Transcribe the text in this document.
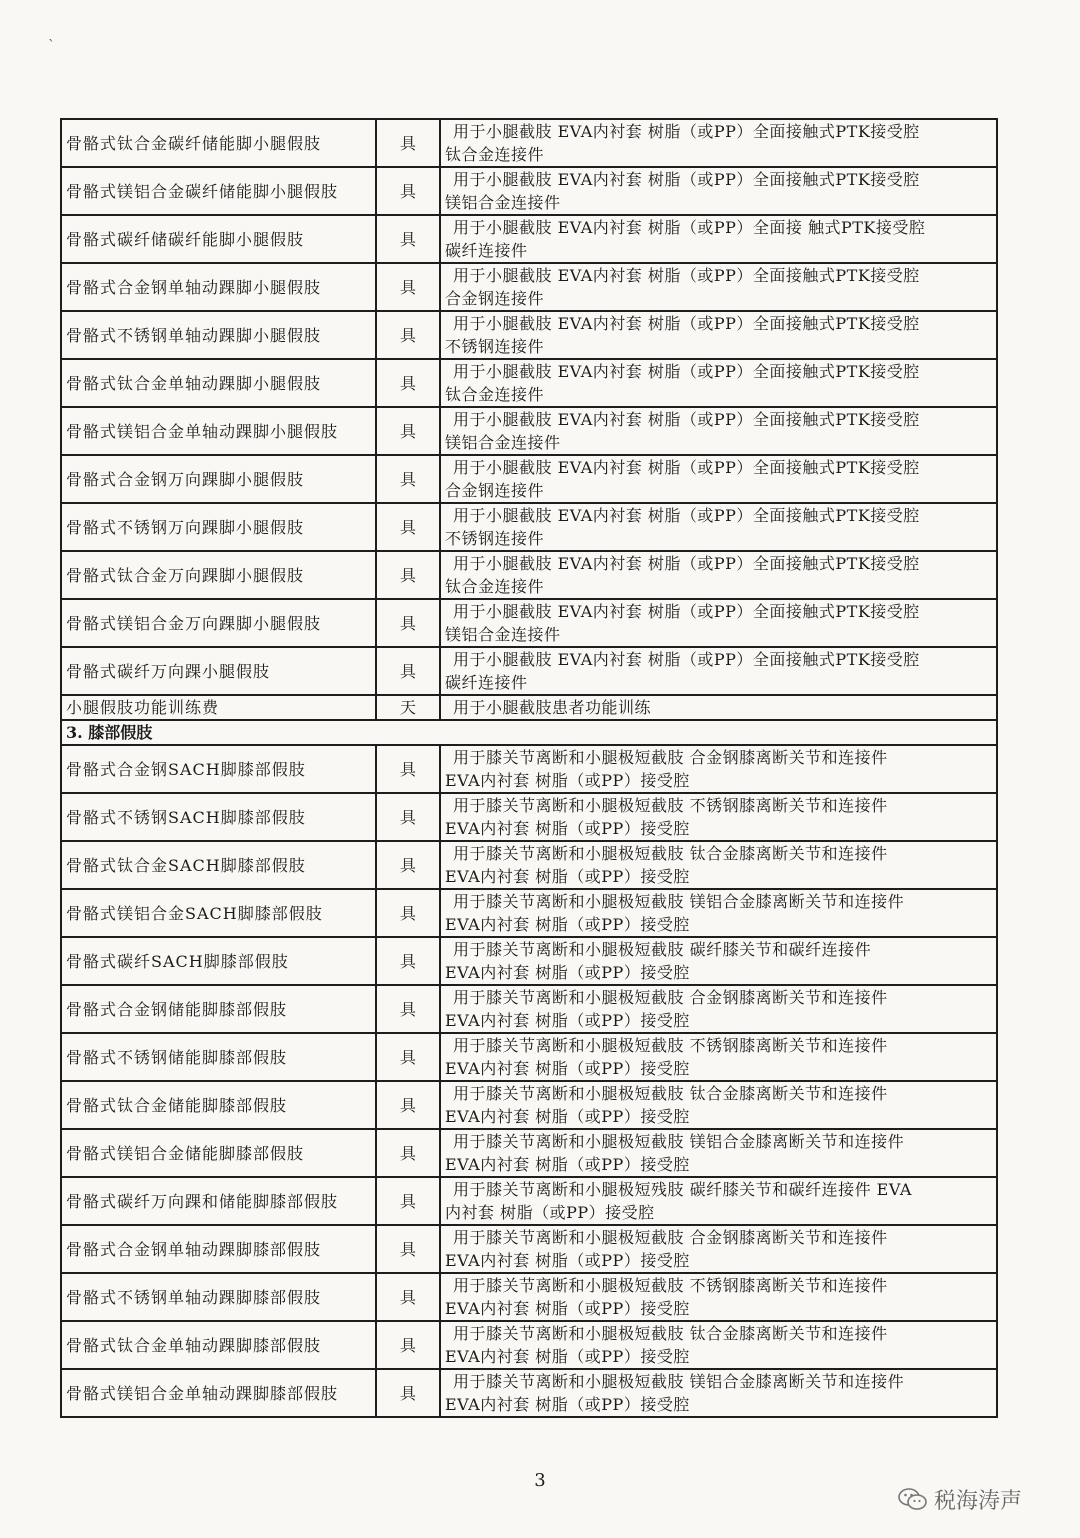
`
骨骼式钛合金碳纤储能脚小腿假肢	具	用于小腿截肢 EVA内衬套 树脂（或PP）全面接触式PTK接受腔
钛合金连接件

骨骼式镁铝合金碳纤储能脚小腿假肢	具	用于小腿截肢 EVA内衬套 树脂（或PP）全面接触式PTK接受腔
镁铝合金连接件

骨骼式碳纤储碳纤能脚小腿假肢	具	用于小腿截肢 EVA内衬套 树脂（或PP）全面接 触式PTK接受腔
碳纤连接件

骨骼式合金钢单轴动踝脚小腿假肢	具	用于小腿截肢 EVA内衬套 树脂（或PP）全面接触式PTK接受腔
合金钢连接件

骨骼式不锈钢单轴动踝脚小腿假肢	具	用于小腿截肢 EVA内衬套 树脂（或PP）全面接触式PTK接受腔
不锈钢连接件

骨骼式钛合金单轴动踝脚小腿假肢	具	用于小腿截肢 EVA内衬套 树脂（或PP）全面接触式PTK接受腔
钛合金连接件

骨骼式镁铝合金单轴动踝脚小腿假肢	具	用于小腿截肢 EVA内衬套 树脂（或PP）全面接触式PTK接受腔
镁铝合金连接件

骨骼式合金钢万向踝脚小腿假肢	具	用于小腿截肢 EVA内衬套 树脂（或PP）全面接触式PTK接受腔
合金钢连接件

骨骼式不锈钢万向踝脚小腿假肢	具	用于小腿截肢 EVA内衬套 树脂（或PP）全面接触式PTK接受腔
不锈钢连接件

骨骼式钛合金万向踝脚小腿假肢	具	用于小腿截肢 EVA内衬套 树脂（或PP）全面接触式PTK接受腔
钛合金连接件

骨骼式镁铝合金万向踝脚小腿假肢	具	用于小腿截肢 EVA内衬套 树脂（或PP）全面接触式PTK接受腔
镁铝合金连接件

骨骼式碳纤万向踝小腿假肢	具	用于小腿截肢 EVA内衬套 树脂（或PP）全面接触式PTK接受腔
碳纤连接件

小腿假肢功能训练费	天	用于小腿截肢患者功能训练

3. 膝部假肢		
骨骼式合金钢SACH脚膝部假肢	具	用于膝关节离断和小腿极短截肢 合金钢膝离断关节和连接件
EVA内衬套 树脂（或PP）接受腔

骨骼式不锈钢SACH脚膝部假肢	具	用于膝关节离断和小腿极短截肢 不锈钢膝离断关节和连接件
EVA内衬套 树脂（或PP）接受腔

骨骼式钛合金SACH脚膝部假肢	具	用于膝关节离断和小腿极短截肢 钛合金膝离断关节和连接件
EVA内衬套 树脂（或PP）接受腔

骨骼式镁铝合金SACH脚膝部假肢	具	用于膝关节离断和小腿极短截肢 镁铝合金膝离断关节和连接件
EVA内衬套 树脂（或PP）接受腔

骨骼式碳纤SACH脚膝部假肢	具	用于膝关节离断和小腿极短截肢 碳纤膝关节和碳纤连接件
EVA内衬套 树脂（或PP）接受腔

骨骼式合金钢储能脚膝部假肢	具	用于膝关节离断和小腿极短截肢 合金钢膝离断关节和连接件
EVA内衬套 树脂（或PP）接受腔

骨骼式不锈钢储能脚膝部假肢	具	用于膝关节离断和小腿极短截肢 不锈钢膝离断关节和连接件
EVA内衬套 树脂（或PP）接受腔

骨骼式钛合金储能脚膝部假肢	具	用于膝关节离断和小腿极短截肢 钛合金膝离断关节和连接件
EVA内衬套 树脂（或PP）接受腔

骨骼式镁铝合金储能脚膝部假肢	具	用于膝关节离断和小腿极短截肢 镁铝合金膝离断关节和连接件
EVA内衬套 树脂（或PP）接受腔

骨骼式碳纤万向踝和储能脚膝部假肢	具	用于膝关节离断和小腿极短残肢 碳纤膝关节和碳纤连接件 EVA
内衬套 树脂（或PP）接受腔

骨骼式合金钢单轴动踝脚膝部假肢	具	用于膝关节离断和小腿极短截肢 合金钢膝离断关节和连接件
EVA内衬套 树脂（或PP）接受腔

骨骼式不锈钢单轴动踝脚膝部假肢	具	用于膝关节离断和小腿极短截肢 不锈钢膝离断关节和连接件
EVA内衬套 树脂（或PP）接受腔

骨骼式钛合金单轴动踝脚膝部假肢	具	用于膝关节离断和小腿极短截肢 钛合金膝离断关节和连接件
EVA内衬套 树脂（或PP）接受腔

骨骼式镁铝合金单轴动踝脚膝部假肢	具	用于膝关节离断和小腿极短截肢 镁铝合金膝离断关节和连接件
EVA内衬套 树脂（或PP）接受腔
3
税海涛声
